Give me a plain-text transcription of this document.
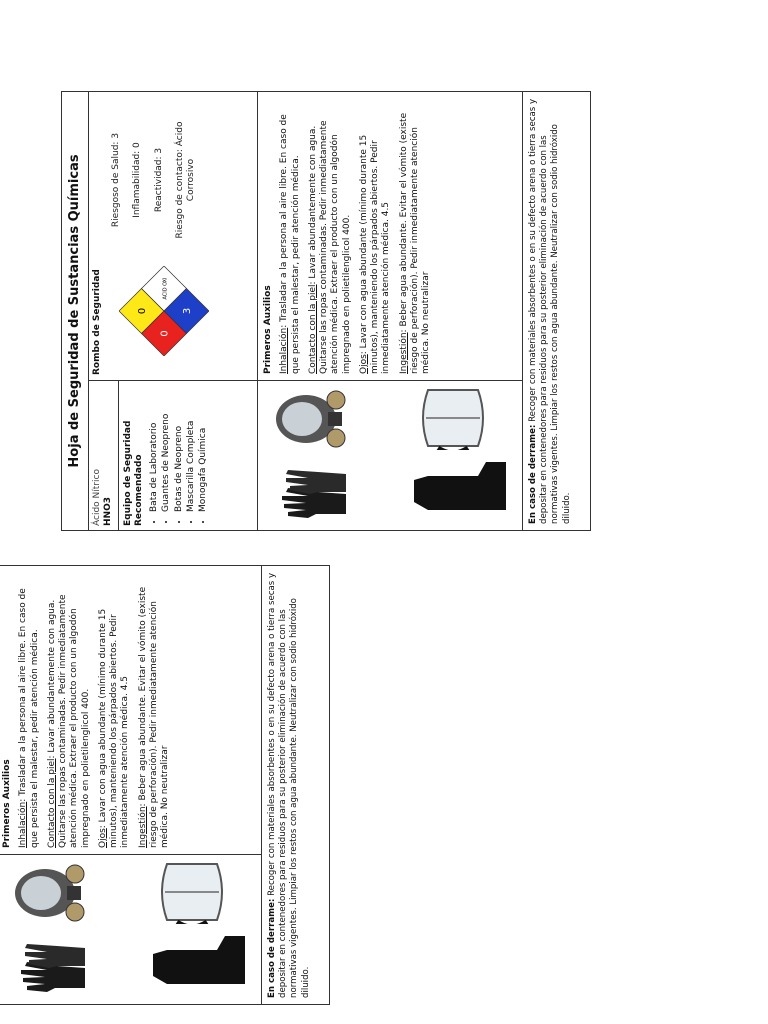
Primeros Auxilios Inhalación: Trasladar a la persona al aire libre. En caso de que persista el malestar, pedir atención médica. Contacto con la piel: Lavar abundantemente con agua. Quitarse las ropas contaminadas. Pedir inmediatamente atención médica. Extraer el producto con un algodón impregnado en polietilenglicol 400. Ojos: Lavar con agua abundante (mínimo durante 15 minutos), manteniendo los párpados abiertos. Pedir inmediatamente atención médica. 4.5 Ingestión: Beber agua abundante. Evitar el vómito (existe riesgo de perforación). Pedir inmediatamente atención médica. No neutralizar

En caso de derrame: Recoger con materiales absorbentes o en su defecto arena o tierra secas y depositar en contenedores para residuos para su posterior eliminación de acuerdo con las normativas vigentes. Limpiar los restos con agua abundante. Neutralizar con sodio hidróxido diluido.
Hoja de Seguridad de Sustancias Químicas
Ácido Nítrico HNO3 Equipo de Seguridad Recomendado • Bata de Laboratorio • Guantes de Neopreno • Botas de Neopreno • Mascarilla Completa • Monogafa Química
Rombo de Seguridad	0
0
ACID OXI
3
Riesgoso de Salud: 3 Inflamabilidad: 0 Reactividad: 3 Riesgo de contacto: Ácido Corrosivo
Primeros Auxilios Inhalación: Trasladar a la persona al aire libre. En caso de que persista el malestar, pedir atención médica. Contacto con la piel: Lavar abundantemente con agua. Quitarse las ropas contaminadas. Pedir inmediatamente atención médica. Extraer el producto con un algodón impregnado en polietilenglicol 400. Ojos: Lavar con agua abundante (mínimo durante 15 minutos), manteniendo los párpados abiertos. Pedir inmediatamente atención médica. 4.5 Ingestión: Beber agua abundante. Evitar el vómito (existe riesgo de perforación). Pedir inmediatamente atención médica. No neutralizar

En caso de derrame: Recoger con materiales absorbentes o en su defecto arena o tierra secas y depositar en contenedores para residuos para su posterior eliminación de acuerdo con las normativas vigentes. Limpiar los restos con agua abundante. Neutralizar con sodio hidróxido diluido.
